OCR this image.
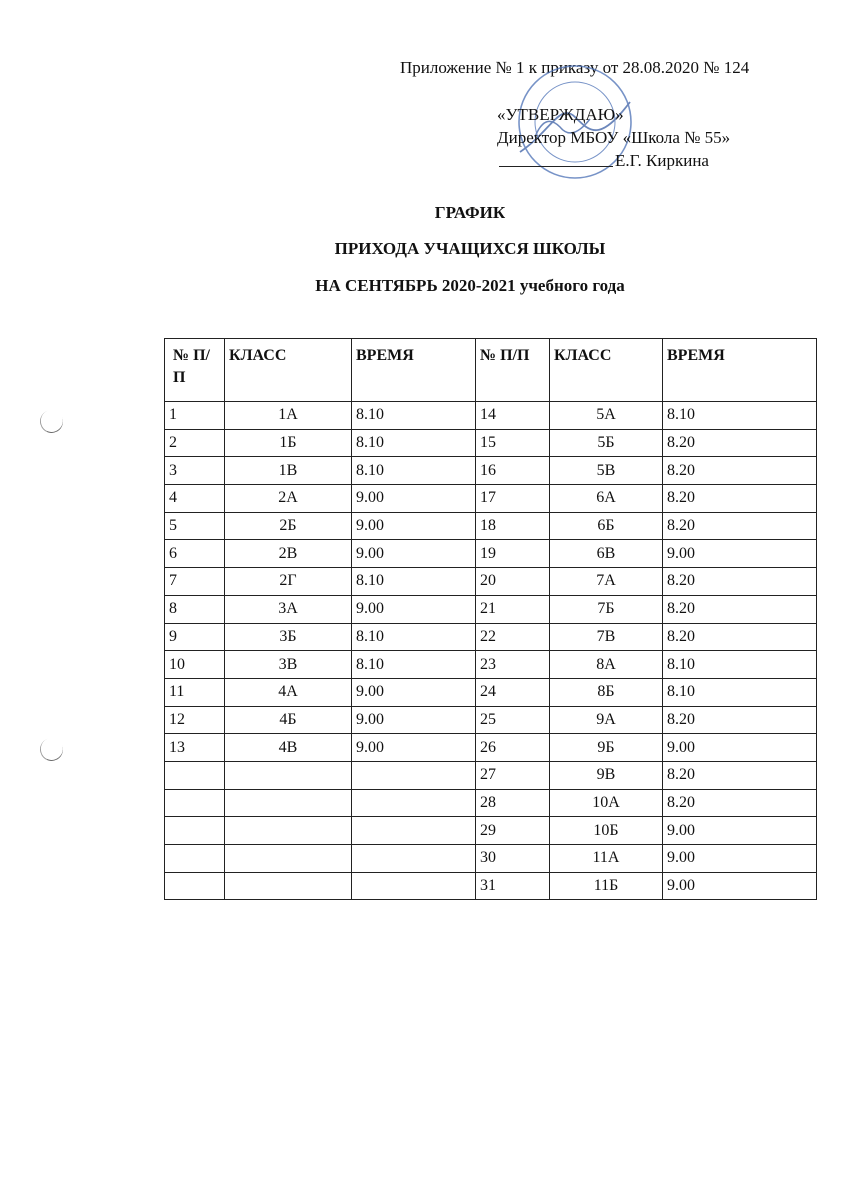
Приложение № 1 к приказу от 28.08.2020 № 124
«УТВЕРЖДАЮ»
Директор МБОУ «Школа № 55»
Е.Г. Киркина
ГРАФИК
ПРИХОДА УЧАЩИХСЯ ШКОЛЫ
НА СЕНТЯБРЬ 2020-2021 учебного года
№ П/П	КЛАСС	ВРЕМЯ	№ П/П	КЛАСС	ВРЕМЯ
1	1А	8.10	14	5А	8.10
2	1Б	8.10	15	5Б	8.20
3	1В	8.10	16	5В	8.20
4	2А	9.00	17	6А	8.20
5	2Б	9.00	18	6Б	8.20
6	2В	9.00	19	6В	9.00
7	2Г	8.10	20	7А	8.20
8	3А	9.00	21	7Б	8.20
9	3Б	8.10	22	7В	8.20
10	3В	8.10	23	8А	8.10
11	4А	9.00	24	8Б	8.10
12	4Б	9.00	25	9А	8.20
13	4В	9.00	26	9Б	9.00
			27	9В	8.20
			28	10А	8.20
			29	10Б	9.00
			30	11А	9.00
			31	11Б	9.00
